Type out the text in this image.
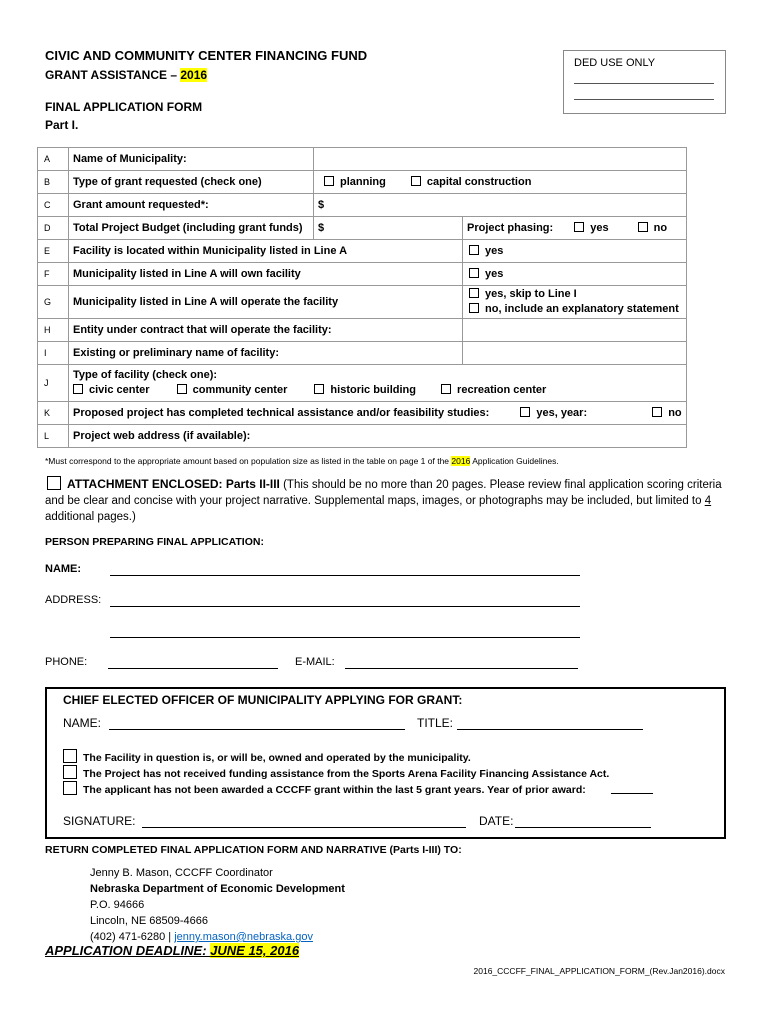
CIVIC AND COMMUNITY CENTER FINANCING FUND
GRANT ASSISTANCE – 2016
FINAL APPLICATION FORM
Part I.
DED USE ONLY
A	Name of Municipality:		
B	Type of grant requested (check one)	planning capital construction	
C	Grant amount requested*:	$	
D	Total Project Budget (including grant funds)	$	Project phasing: yes no
E	Facility is located within Municipality listed in Line A		yes
F	Municipality listed in Line A will own facility		yes
G	Municipality listed in Line A will operate the facility		yes, skip to Line I
no, include an explanatory statement

H	Entity under contract that will operate the facility:		
I	Existing or preliminary name of facility:		
J	Type of facility (check one):
civic center community center historic building recreation center		

K	Proposed project has completed technical assistance and/or feasibility studies: yes, year: no		
L	Project web address (if available):		
*Must correspond to the appropriate amount based on population size as listed in the table on page 1 of the 2016 Application Guidelines.
ATTACHMENT ENCLOSED: Parts II-III (This should be no more than 20 pages. Please review final application scoring criteria and be clear and concise with your project narrative. Supplemental maps, images, or photographs may be included, but limited to 4 additional pages.)
PERSON PREPARING FINAL APPLICATION:
NAME:
ADDRESS:
PHONE:	E-MAIL:
CHIEF ELECTED OFFICER OF MUNICIPALITY APPLYING FOR GRANT:
NAME:	TITLE:
The Facility in question is, or will be, owned and operated by the municipality.
The Project has not received funding assistance from the Sports Arena Facility Financing Assistance Act.
The applicant has not been awarded a CCCFF grant within the last 5 grant years. Year of prior award:
SIGNATURE:	DATE:
RETURN COMPLETED FINAL APPLICATION FORM AND NARRATIVE (Parts I-III) TO:
Jenny B. Mason, CCCFF Coordinator
Nebraska Department of Economic Development
P.O. 94666
Lincoln, NE 68509-4666
(402) 471-6280 | jenny.mason@nebraska.gov
APPLICATION DEADLINE: JUNE 15, 2016
2016_CCCFF_FINAL_APPLICATION_FORM_(Rev.Jan2016).docx
